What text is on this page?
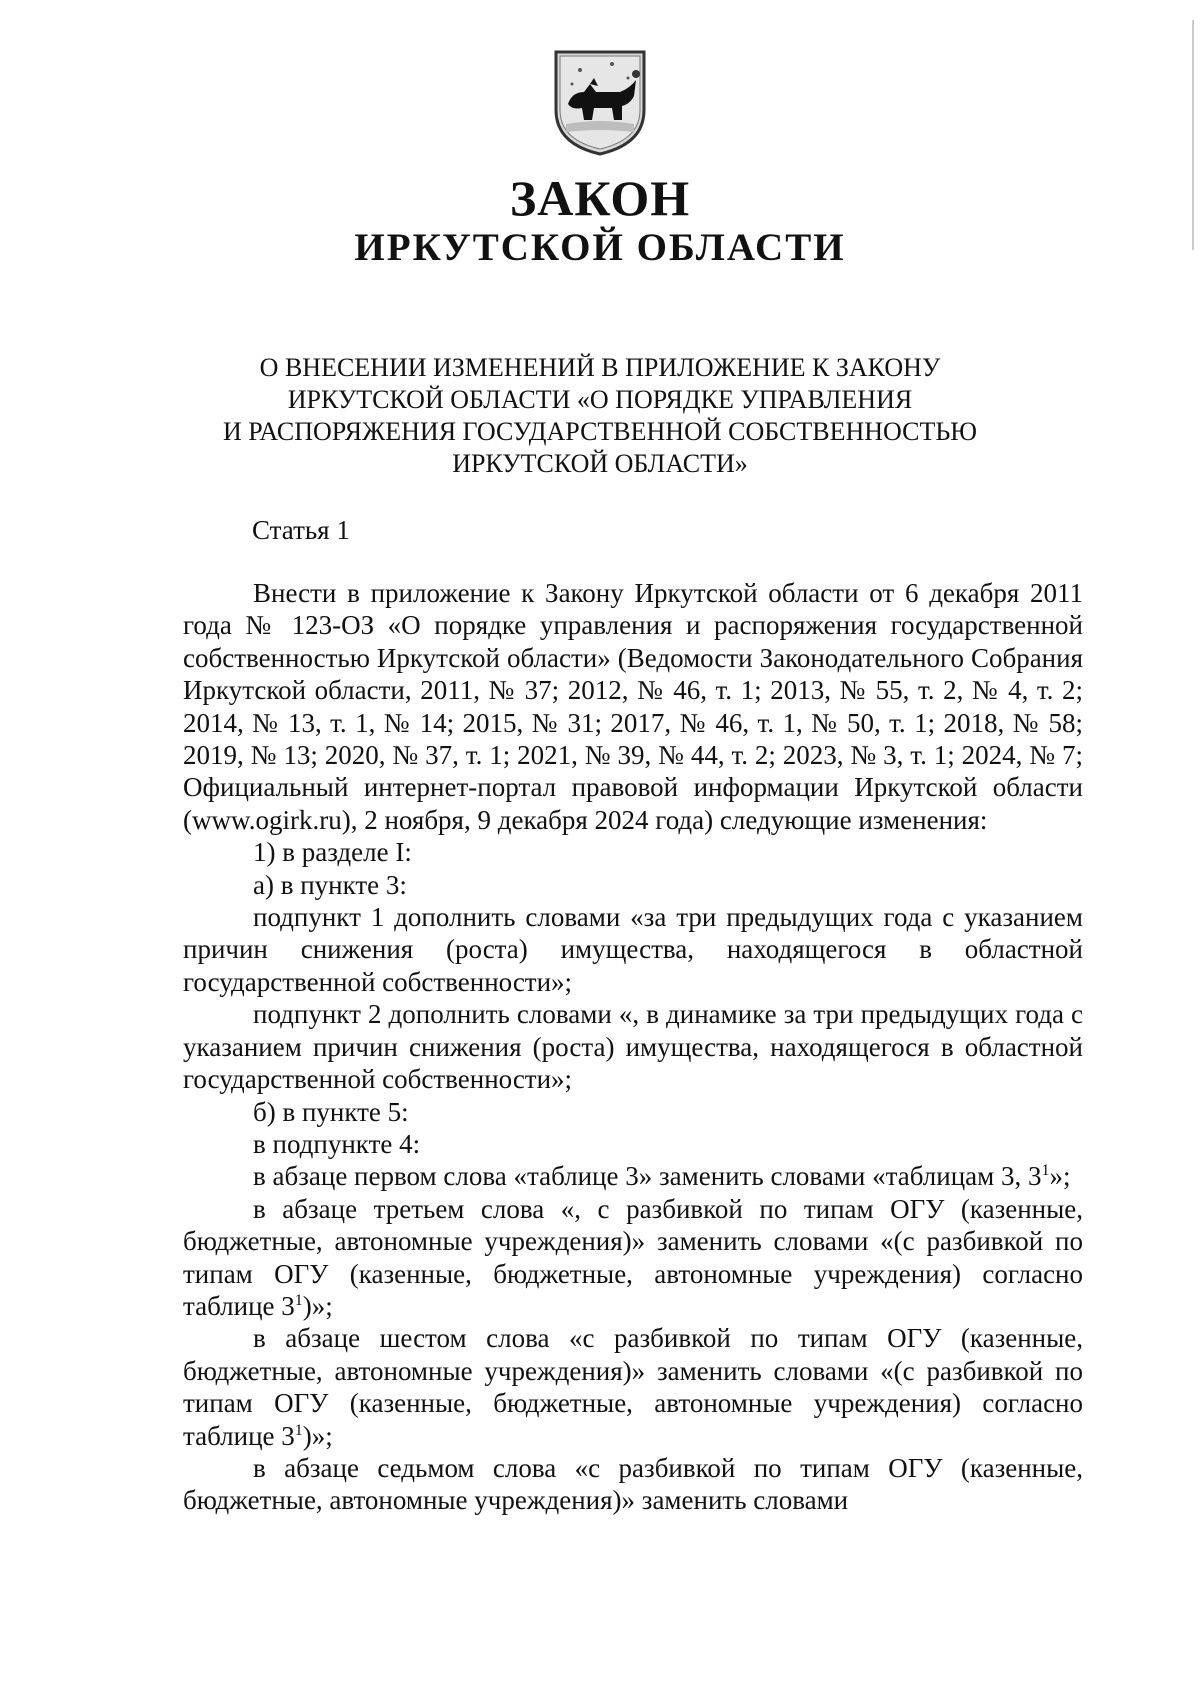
ЗАКОН
ИРКУТСКОЙ ОБЛАСТИ
О ВНЕСЕНИИ ИЗМЕНЕНИЙ В ПРИЛОЖЕНИЕ К ЗАКОНУ
ИРКУТСКОЙ ОБЛАСТИ «О ПОРЯДКЕ УПРАВЛЕНИЯ
И РАСПОРЯЖЕНИЯ ГОСУДАРСТВЕННОЙ СОБСТВЕННОСТЬЮ
ИРКУТСКОЙ ОБЛАСТИ»

Статья 1

Внести в приложение к Закону Иркутской области от 6 декабря 2011 года № 123-ОЗ «О порядке управления и распоряжения государственной собственностью Иркутской области» (Ведомости Законодательного Собрания Иркутской области, 2011, № 37; 2012, № 46, т. 1; 2013, № 55, т. 2, № 4, т. 2; 2014, № 13, т. 1, № 14; 2015, № 31; 2017, № 46, т. 1, № 50, т. 1; 2018, № 58; 2019, № 13; 2020, № 37, т. 1; 2021, № 39, № 44, т. 2; 2023, № 3, т. 1; 2024, № 7; Официальный интернет-портал правовой информации Иркутской области (www.ogirk.ru), 2 ноября, 9 декабря 2024 года) следующие изменения:

1) в разделе I:

а) в пункте 3:

подпункт 1 дополнить словами «за три предыдущих года с указанием причин снижения (роста) имущества, находящегося в областной государственной собственности»;

подпункт 2 дополнить словами «, в динамике за три предыдущих года с указанием причин снижения (роста) имущества, находящегося в областной государственной собственности»;

б) в пункте 5:

в подпункте 4:

в абзаце первом слова «таблице 3» заменить словами «таблицам 3, $3^1$»;

в абзаце третьем слова «, с разбивкой по типам ОГУ (казенные, бюджетные, автономные учреждения)» заменить словами «(с разбивкой по типам ОГУ (казенные, бюджетные, автономные учреждения) согласно таблице $3^1$)»;

в абзаце шестом слова «с разбивкой по типам ОГУ (казенные, бюджетные, автономные учреждения)» заменить словами «(с разбивкой по типам ОГУ (казенные, бюджетные, автономные учреждения) согласно таблице $3^1$)»;

в абзаце седьмом слова «с разбивкой по типам ОГУ (казенные, бюджетные, автономные учреждения)» заменить словами
